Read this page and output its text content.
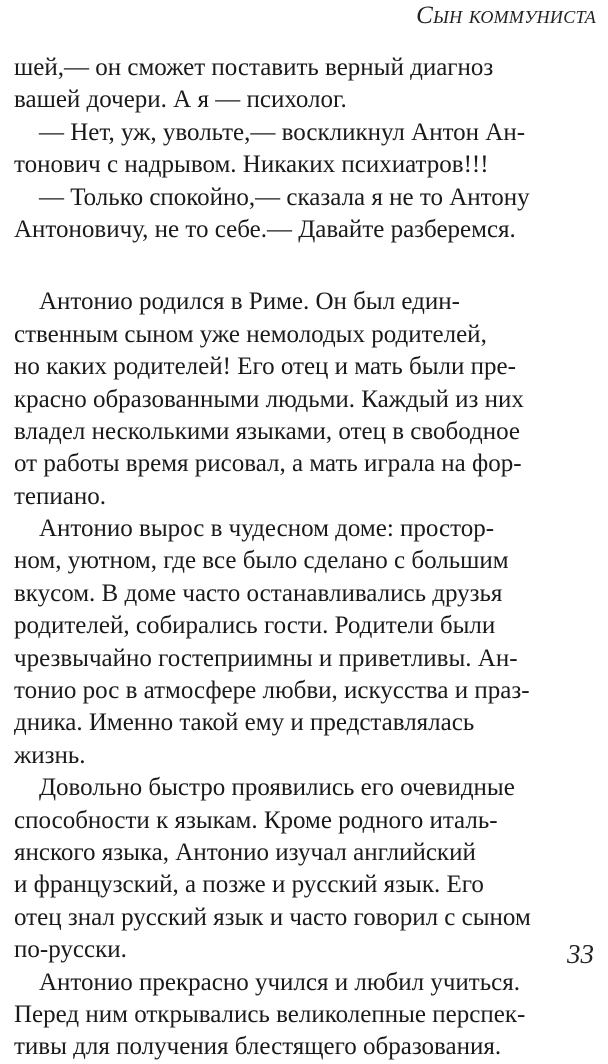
Сын коммуниста
шей,— он сможет поставить верный диагноз
вашей дочери. А я — психолог.
— Нет, уж, увольте,— воскликнул Антон Ан-
тонович с надрывом. Никаких психиатров!!!
— Только спокойно,— сказала я не то Антону
Антоновичу, не то себе.— Давайте разберемся.
Антонио родился в Риме. Он был един-
ственным сыном уже немолодых родителей,
но каких родителей! Его отец и мать были пре-
красно образованными людьми. Каждый из них
владел несколькими языками, отец в свободное
от работы время рисовал, а мать играла на фор-
тепиано.
Антонио вырос в чудесном доме: простор-
ном, уютном, где все было сделано с большим
вкусом. В доме часто останавливались друзья
родителей, собирались гости. Родители были
чрезвычайно гостеприимны и приветливы. Ан-
тонио рос в атмосфере любви, искусства и праз-
дника. Именно такой ему и представлялась
жизнь.
Довольно быстро проявились его очевидные
способности к языкам. Кроме родного италь-
янского языка, Антонио изучал английский
и французский, а позже и русский язык. Его
отец знал русский язык и часто говорил с сыном
по-русски.
Антонио прекрасно учился и любил учиться.
Перед ним открывались великолепные перспек-
тивы для получения блестящего образования.
33
